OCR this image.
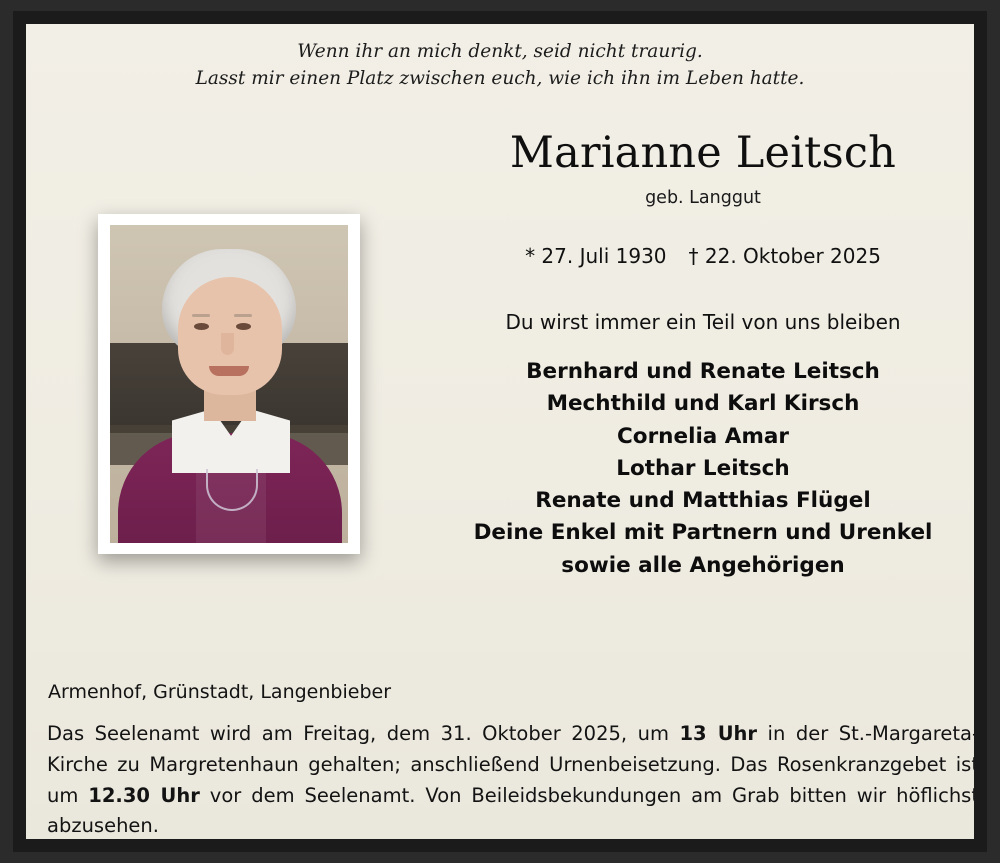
Wenn ihr an mich denkt, seid nicht traurig.
Lasst mir einen Platz zwischen euch, wie ich ihn im Leben hatte.
Marianne Leitsch
geb. Langgut
* 27. Juli 1930 † 22. Oktober 2025
Du wirst immer ein Teil von uns bleiben
Bernhard und Renate Leitsch
Mechthild und Karl Kirsch
Cornelia Amar
Lothar Leitsch
Renate und Matthias Flügel
Deine Enkel mit Partnern und Urenkel
sowie alle Angehörigen
Armenhof, Grünstadt, Langenbieber
Das Seelenamt wird am Freitag, dem 31. Oktober 2025, um 13 Uhr in der St.-Margareta-Kirche zu Margretenhaun gehalten; anschließend Urnenbeisetzung. Das Rosenkranzgebet ist um 12.30 Uhr vor dem Seelenamt. Von Beileidsbekundungen am Grab bitten wir höflichst abzusehen.
